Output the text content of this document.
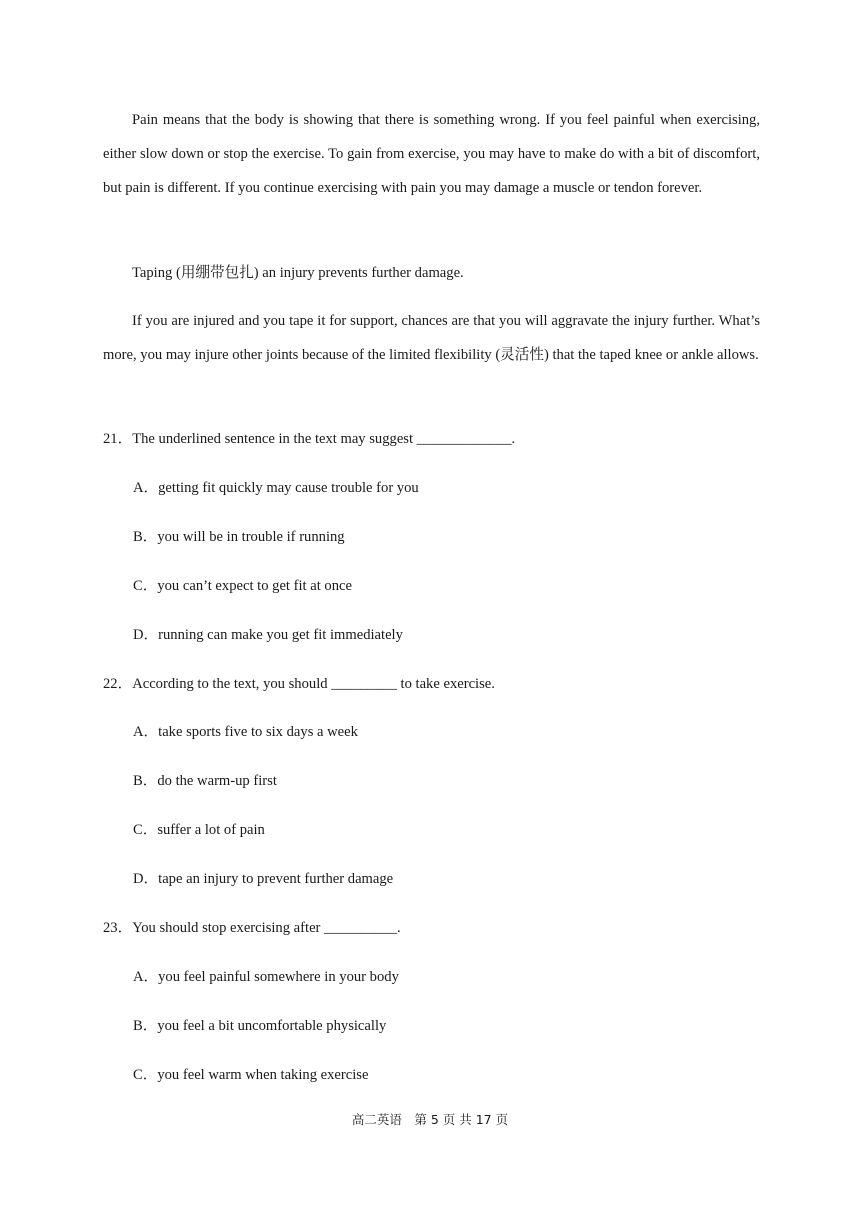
Pain means that the body is showing that there is something wrong. If you feel painful when exercising, either slow down or stop the exercise. To gain from exercise, you may have to make do with a bit of discomfort, but pain is different. If you continue exercising with pain you may damage a muscle or tendon forever.

Taping (用绷带包扎) an injury prevents further damage.

If you are injured and you tape it for support, chances are that you will aggravate the injury further. What’s more, you may injure other joints because of the limited flexibility (灵活性) that the taped knee or ankle allows.

21．The underlined sentence in the text may suggest _____________.

A．getting fit quickly may cause trouble for you

B．you will be in trouble if running

C．you can’t expect to get fit at once

D．running can make you get fit immediately

22．According to the text, you should _________ to take exercise.

A．take sports five to six days a week

B．do the warm-up first

C．suffer a lot of pain

D．tape an injury to prevent further damage

23．You should stop exercising after __________.

A．you feel painful somewhere in your body

B．you feel a bit uncomfortable physically

C．you feel warm when taking exercise

高二英语　第 5 页 共 17 页
